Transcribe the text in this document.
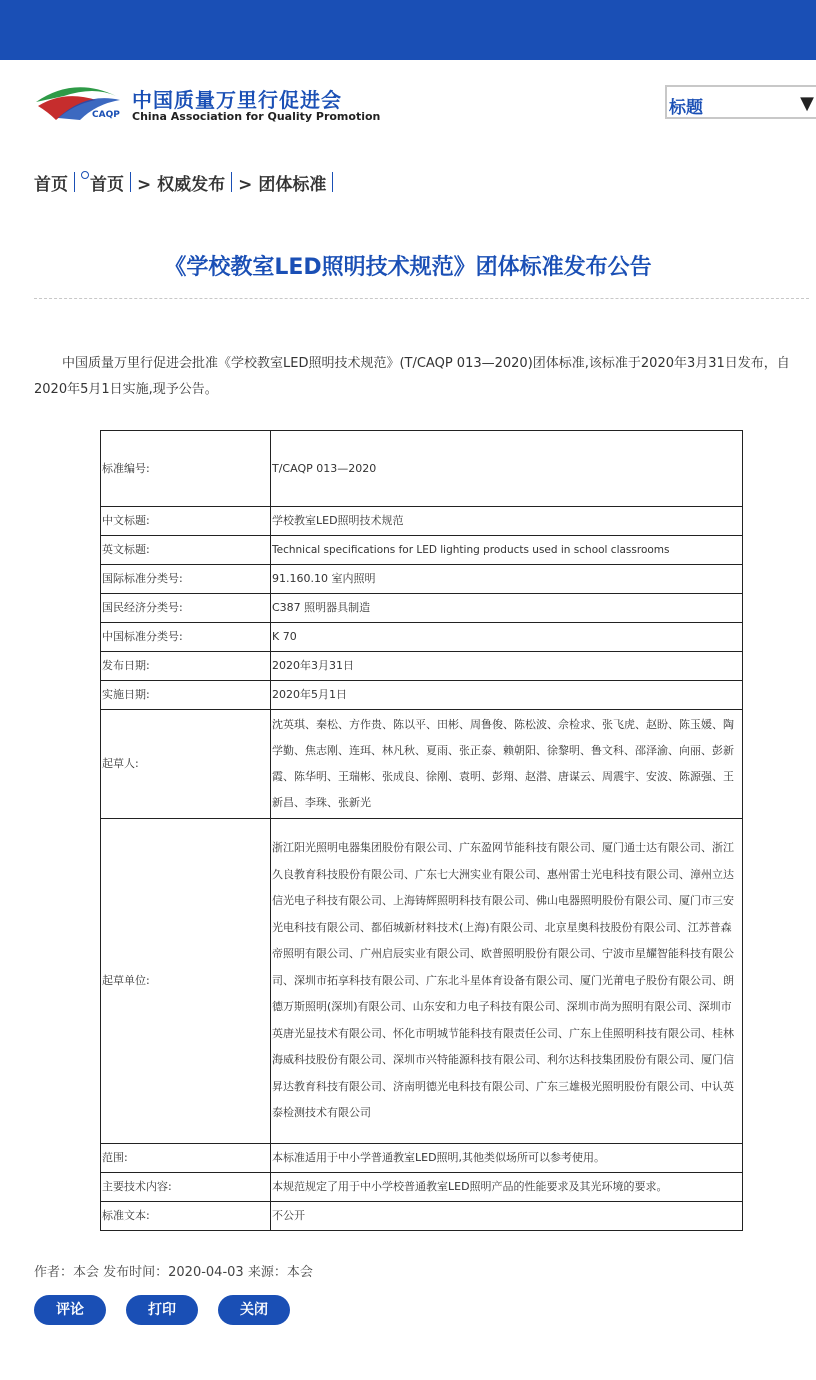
CAQP
中国质量万里行促进会
China Association for Quality Promotion	标题	▼
首页 首页 > 权威发布 > 团体标准
《学校教室LED照明技术规范》团体标准发布公告
中国质量万里行促进会批准《学校教室LED照明技术规范》(T/CAQP 013—2020)团体标准,该标准于2020年3月31日发布，自2020年5月1日实施,现予公告。
标准编号:	T/CAQP 013—2020
中文标题:	学校教室LED照明技术规范
英文标题:	Technical specifications for LED lighting products used in school classrooms
国际标准分类号:	91.160.10 室内照明
国民经济分类号:	C387 照明器具制造
中国标准分类号:	K 70
发布日期:	2020年3月31日
实施日期:	2020年5月1日
起草人:	沈英琪、秦松、方作贵、陈以平、田彬、周鲁俊、陈松波、佘检求、张飞虎、赵盼、陈玉媛、陶学勤、焦志刚、连珥、林凡秋、夏雨、张正泰、赖朝阳、徐黎明、鲁文科、邵泽渝、向丽、彭新霞、陈华明、王瑞彬、张成良、徐刚、袁明、彭翔、赵潜、唐谋云、周震宇、安波、陈源强、王新昌、李珠、张新光
起草单位:	浙江阳光照明电器集团股份有限公司、广东盈网节能科技有限公司、厦门通士达有限公司、浙江久良教育科技股份有限公司、广东七大洲实业有限公司、惠州雷士光电科技有限公司、漳州立达信光电子科技有限公司、上海铸辉照明科技有限公司、佛山电器照明股份有限公司、厦门市三安光电科技有限公司、都佰城新材料技术(上海)有限公司、北京星奥科技股份有限公司、江苏普森帝照明有限公司、广州启辰实业有限公司、欧普照明股份有限公司、宁波市星耀智能科技有限公司、深圳市拓享科技有限公司、广东北斗星体育设备有限公司、厦门光莆电子股份有限公司、朗德万斯照明(深圳)有限公司、山东安和力电子科技有限公司、深圳市尚为照明有限公司、深圳市英唐光显技术有限公司、怀化市明城节能科技有限责任公司、广东上佳照明科技有限公司、桂林海威科技股份有限公司、深圳市兴特能源科技有限公司、利尔达科技集团股份有限公司、厦门信昇达教育科技有限公司、济南明德光电科技有限公司、广东三雄极光照明股份有限公司、中认英泰检测技术有限公司
范围:	本标准适用于中小学普通教室LED照明,其他类似场所可以参考使用。
主要技术内容:	本规范规定了用于中小学校普通教室LED照明产品的性能要求及其光环境的要求。
标准文本:	不公开
作者：本会 发布时间：2020-04-03 来源：本会
评论	打印	关闭
